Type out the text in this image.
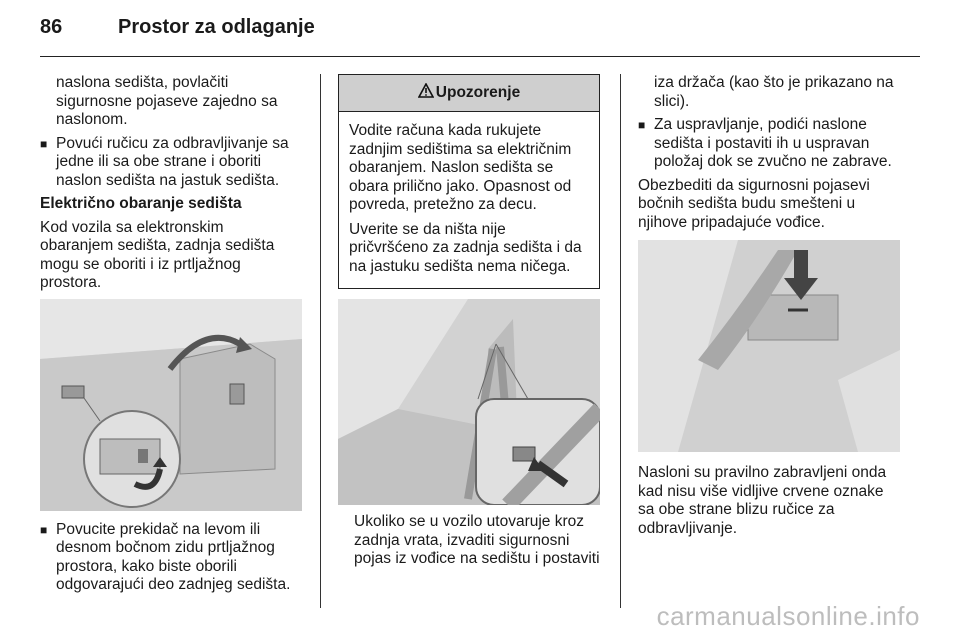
86	Prostor za odlaganje

naslona sedišta, povlačiti
sigurnosne pojaseve zajedno sa
naslonom.

■ Povući ručicu za odbravljivanje sa
jedne ili sa obe strane i oboriti
naslon sedišta na jastuk sedišta.

Električno obaranje sedišta

Kod vozila sa elektronskim
obaranjem sedišta, zadnja sedišta
mogu se oboriti i iz prtljažnog
prostora.

■ Povucite prekidač na levom ili
desnom bočnom zidu prtljažnog
prostora, kako biste oborili
odgovarajući deo zadnjeg sedišta.

Upozorenje

Vodite računa kada rukujete
zadnjim sedištima sa električnim
obaranjem. Naslon sedišta se
obara prilično jako. Opasnost od
povreda, pretežno za decu.

Uverite se da ništa nije
pričvršćeno za zadnja sedišta i da
na jastuku sedišta nema ničega.

Ukoliko se u vozilo utovaruje kroz
zadnja vrata, izvaditi sigurnosni
pojas iz vođice na sedištu i postaviti

iza držača (kao što je prikazano na
slici).

■ Za uspravljanje, podići naslone
sedišta i postaviti ih u uspravan
položaj dok se zvučno ne zabrave.

Obezbediti da sigurnosni pojasevi
bočnih sedišta budu smešteni u
njihove pripadajuće vođice.

Nasloni su pravilno zabravljeni onda
kad nisu više vidljive crvene oznake
sa obe strane blizu ručice za
odbravljivanje.

carmanualsonline.info
